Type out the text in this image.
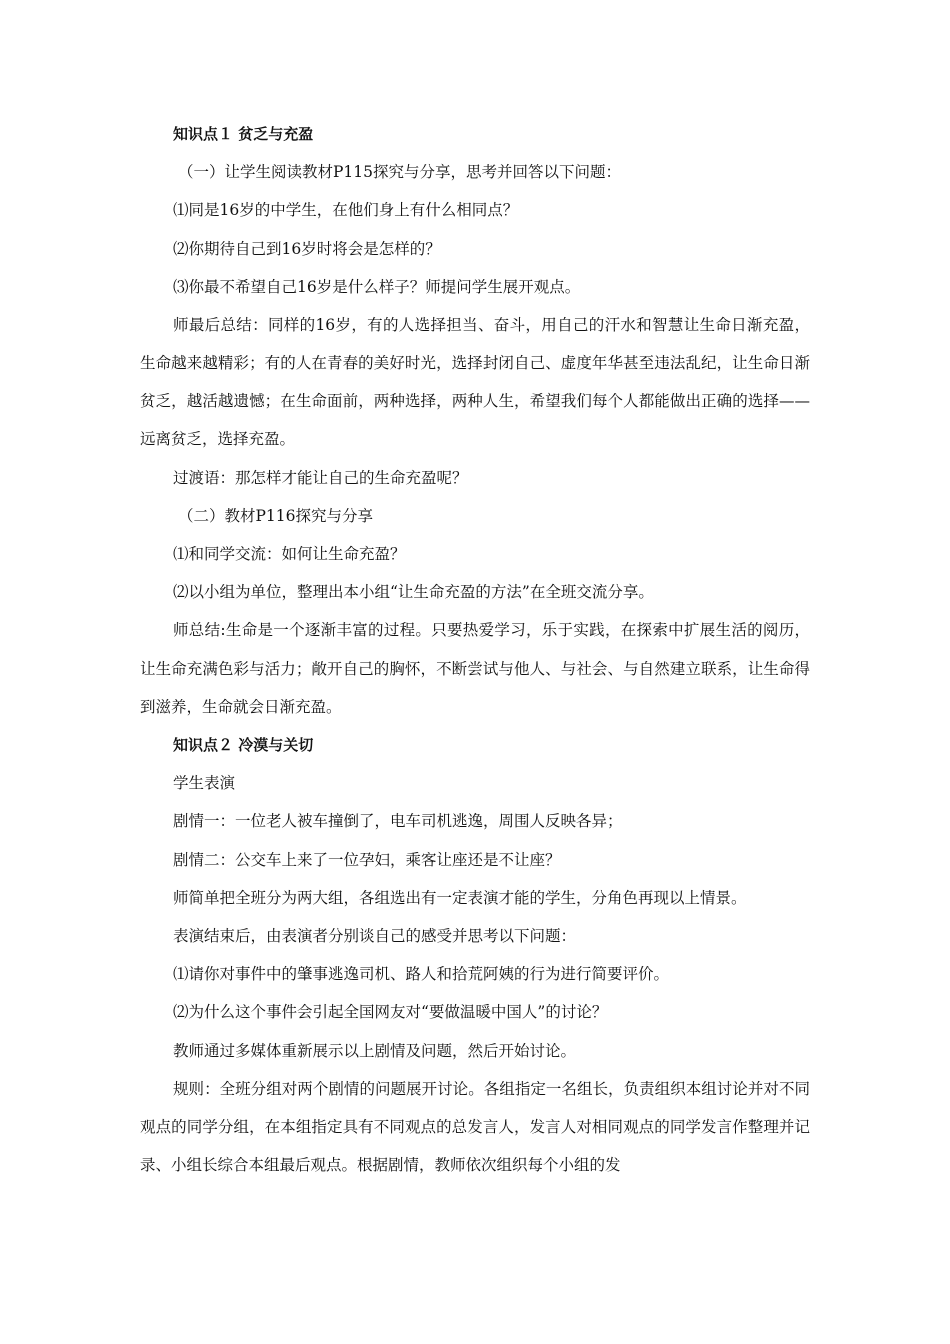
知识点１ 贫乏与充盈
（一）让学生阅读教材P115探究与分享，思考并回答以下问题：
⑴同是16岁的中学生，在他们身上有什么相同点？
⑵你期待自己到16岁时将会是怎样的？
⑶你最不希望自己16岁是什么样子？师提问学生展开观点。
师最后总结：同样的16岁，有的人选择担当、奋斗，用自己的汗水和智慧让生命日渐充盈，生命越来越精彩；有的人在青春的美好时光，选择封闭自己、虚度年华甚至违法乱纪，让生命日渐贫乏，越活越遗憾；在生命面前，两种选择，两种人生，希望我们每个人都能做出正确的选择——远离贫乏，选择充盈。
过渡语：那怎样才能让自己的生命充盈呢？
（二）教材P116探究与分享
⑴和同学交流：如何让生命充盈？
⑵以小组为单位，整理出本小组“让生命充盈的方法”在全班交流分享。
师总结:生命是一个逐渐丰富的过程。只要热爱学习，乐于实践，在探索中扩展生活的阅历，让生命充满色彩与活力；敞开自己的胸怀，不断尝试与他人、与社会、与自然建立联系，让生命得到滋养，生命就会日渐充盈。
知识点２ 冷漠与关切
学生表演
剧情一：一位老人被车撞倒了，电车司机逃逸，周围人反映各异；
剧情二：公交车上来了一位孕妇，乘客让座还是不让座？
师简单把全班分为两大组，各组选出有一定表演才能的学生，分角色再现以上情景。
表演结束后，由表演者分别谈自己的感受并思考以下问题：
⑴请你对事件中的肇事逃逸司机、路人和拾荒阿姨的行为进行简要评价。
⑵为什么这个事件会引起全国网友对“要做温暖中国人”的讨论？
教师通过多媒体重新展示以上剧情及问题，然后开始讨论。
规则：全班分组对两个剧情的问题展开讨论。各组指定一名组长，负责组织本组讨论并对不同观点的同学分组，在本组指定具有不同观点的总发言人，发言人对相同观点的同学发言作整理并记录、小组长综合本组最后观点。根据剧情，教师依次组织每个小组的发
